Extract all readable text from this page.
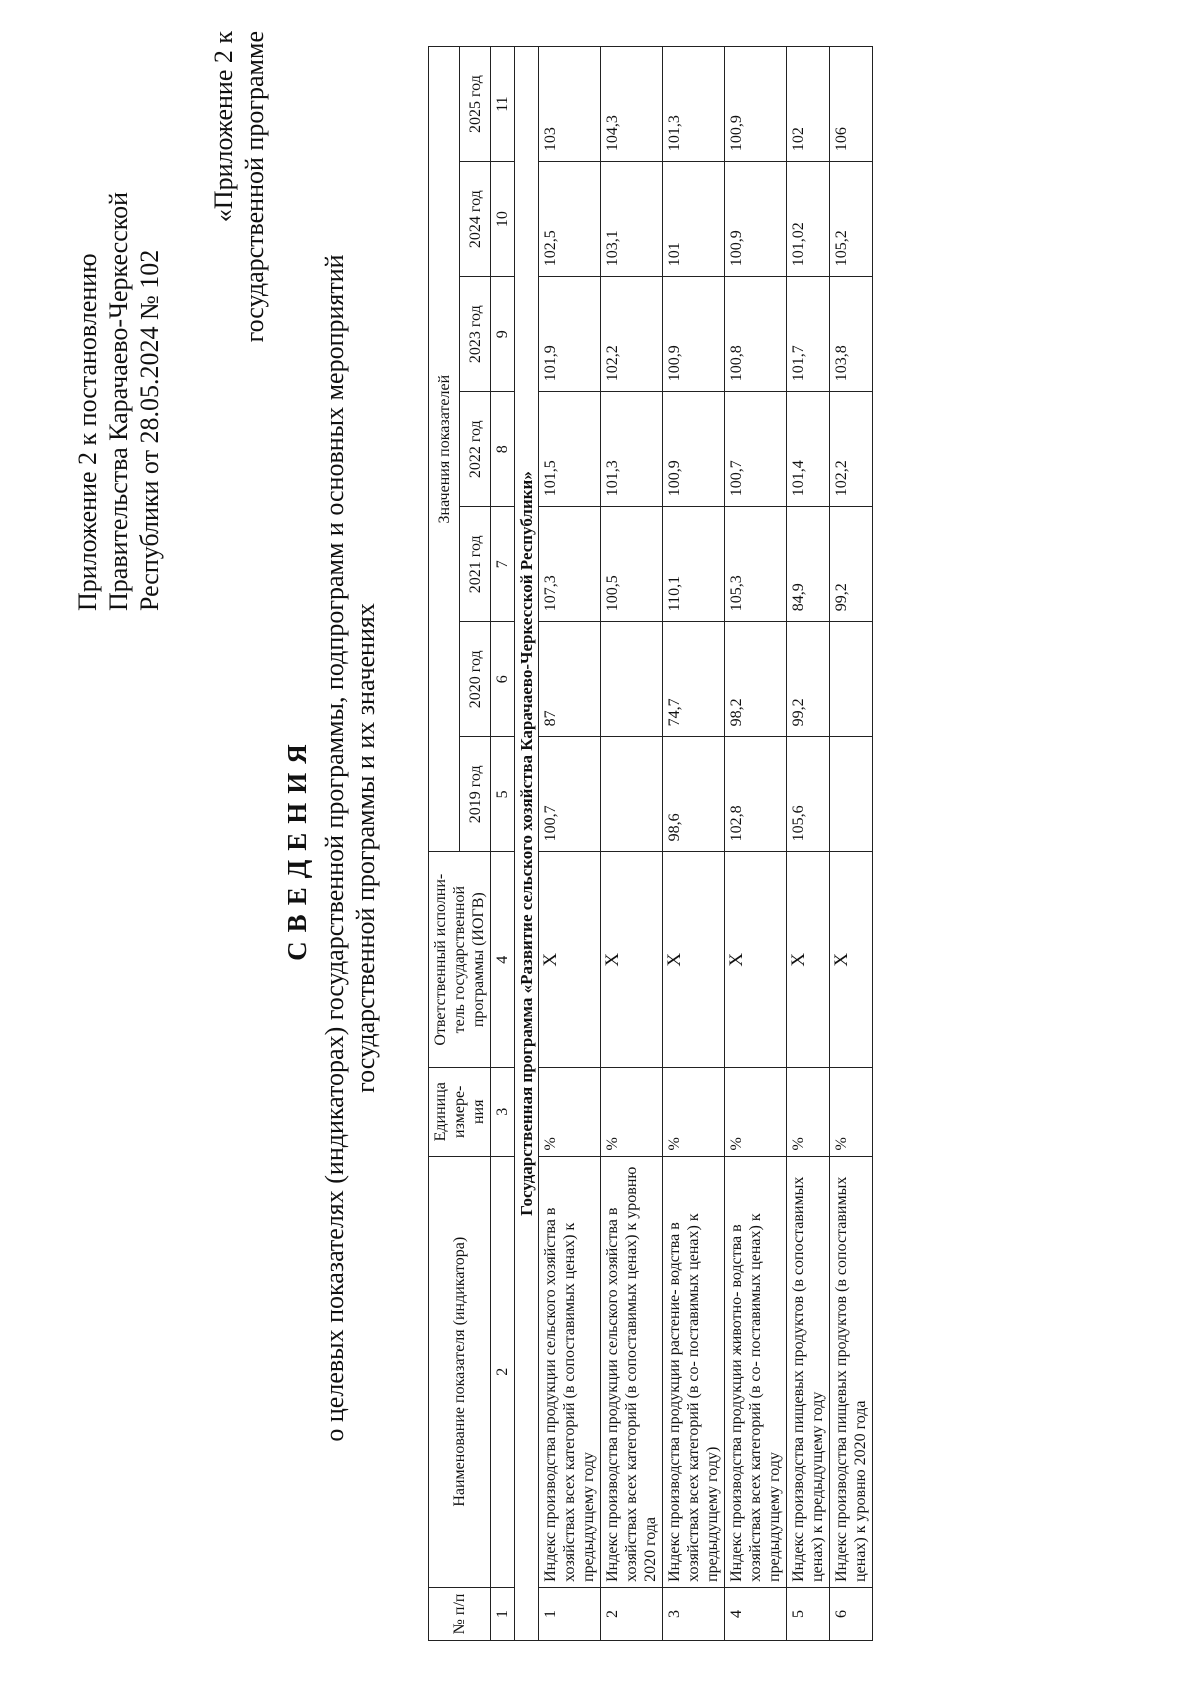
Приложение 2 к постановлению Правительства Карачаево-Черкесской Республики от 28.05.2024 № 102
«Приложение 2 к государственной программе
СВЕДЕНИЯ о целевых показателях (индикаторах) государственной программы, подпрограмм и основных мероприятий государственной программы и их значениях
№ п/п	Наименование показателя (индикатора)	Единица измере- ния	Ответственный исполни- тель государственной программы (ИОГВ)	Значения показателей						
				2019 год	2020 год	2021 год	2022 год	2023 год	2024 год	2025 год
1	2	3	4	5	6	7	8	9	10	11
Государственная программа «Развитие сельского хозяйства Карачаево-Черкесской Республики»										
1	Индекс производства продукции сельского хозяйства в хозяйствах всех категорий (в сопоставимых ценах) к предыдущему году	%	X	100,7	87	107,3	101,5	101,9	102,5	103
2	Индекс производства продукции сельского хозяйства в хозяйствах всех категорий (в сопоставимых ценах) к уровню 2020 года	%	X			100,5	101,3	102,2	103,1	104,3
3	Индекс производства продукции растение- водства в хозяйствах всех категорий (в со- поставимых ценах) к предыдущему году)	%	X	98,6	74,7	110,1	100,9	100,9	101	101,3
4	Индекс производства продукции животно- водства в хозяйствах всех категорий (в со- поставимых ценах) к предыдущему году	%	X	102,8	98,2	105,3	100,7	100,8	100,9	100,9
5	Индекс производства пищевых продуктов (в сопоставимых ценах) к предыдущему году	%	X	105,6	99,2	84,9	101,4	101,7	101,02	102
6	Индекс производства пищевых продуктов (в сопоставимых ценах) к уровню 2020 года	%	X			99,2	102,2	103,8	105,2	106
